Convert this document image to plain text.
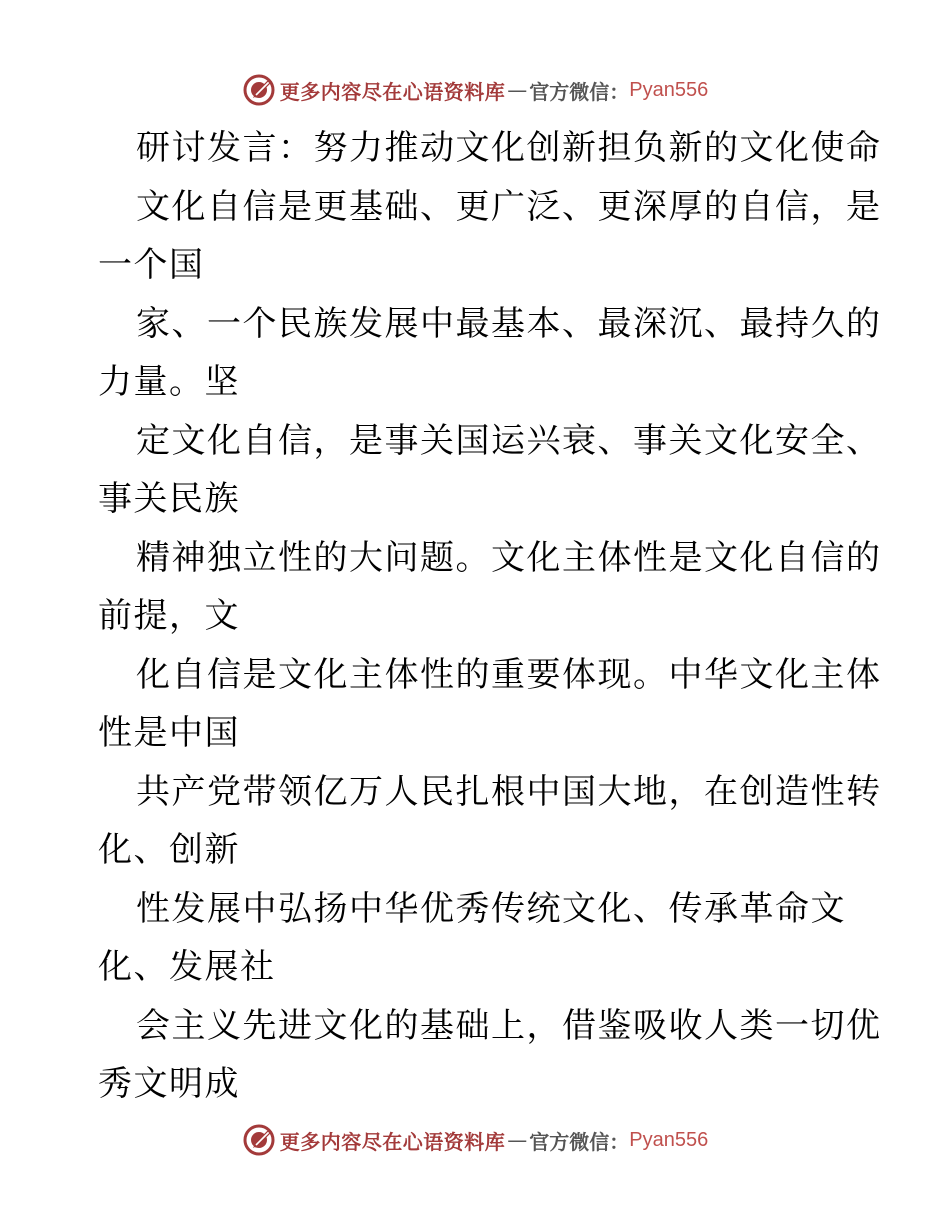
更多内容尽在心语资料库 — 官方微信： Pyan556
研讨发言：努力推动文化创新担负新的文化使命
文化自信是更基础、更广泛、更深厚的自信，是
一个国
家、一个民族发展中最基本、最深沉、最持久的
力量。坚
定文化自信，是事关国运兴衰、事关文化安全、
事关民族
精神独立性的大问题。文化主体性是文化自信的
前提，文
化自信是文化主体性的重要体现。中华文化主体
性是中国
共产党带领亿万人民扎根中国大地，在创造性转
化、创新
性发展中弘扬中华优秀传统文化、传承革命文
化、发展社
会主义先进文化的基础上，借鉴吸收人类一切优
秀文明成
更多内容尽在心语资料库 — 官方微信： Pyan556
